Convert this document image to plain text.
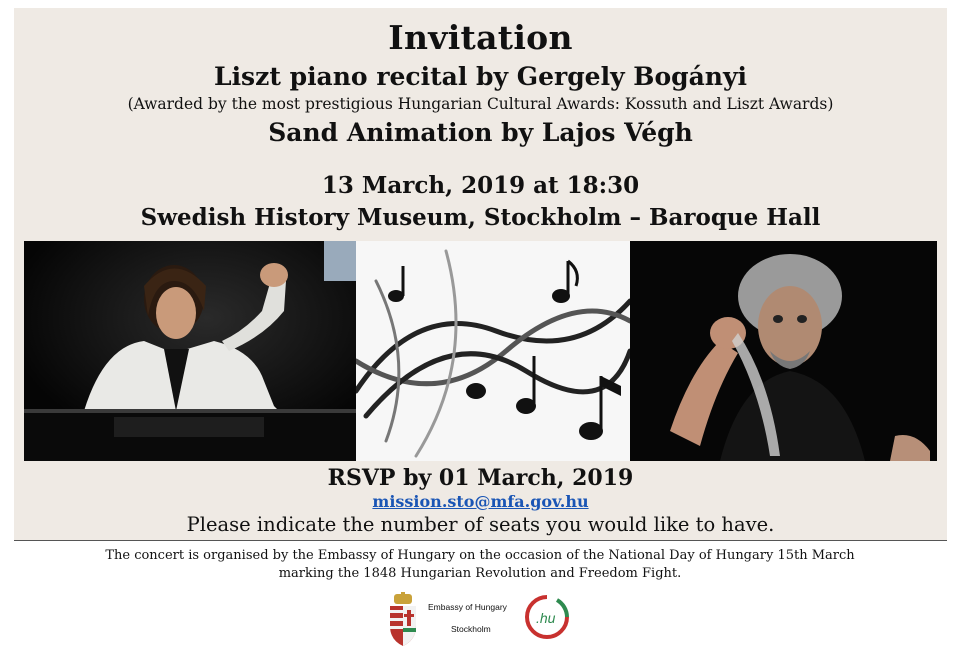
Invitation
Liszt piano recital by Gergely Bogányi
(Awarded by the most prestigious Hungarian Cultural Awards: Kossuth and Liszt Awards)
Sand Animation by Lajos Végh
13 March, 2019 at 18:30
Swedish History Museum, Stockholm – Baroque Hall
RSVP by 01 March, 2019
mission.sto@mfa.gov.hu
Please indicate the number of seats you would like to have.
The concert is organised by the Embassy of Hungary on the occasion of the National Day of Hungary 15th March
marking the 1848 Hungarian Revolution and Freedom Fight.
Embassy of Hungary
Stockholm
.hu
